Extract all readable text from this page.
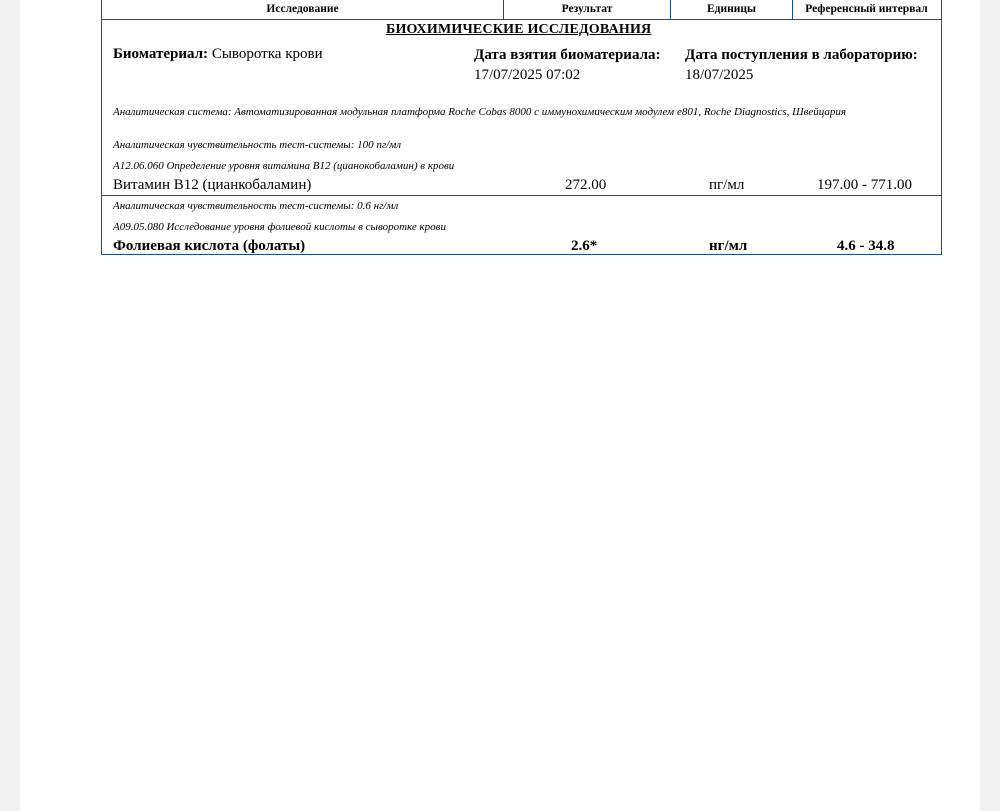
Исследование	Результат	Единицы	Референсный интервал
БИОХИМИЧЕСКИЕ ИССЛЕДОВАНИЯ
Биоматериал: Сыворотка крови	Дата взятия биоматериала:
17/07/2025 07:02
Дата поступления в лабораторию:
18/07/2025
Аналитическая система: Автоматизированная модульная платформа Roche Cobas 8000 с иммунохимическим модулем e801, Roche Diagnostics, Швейцария
Аналитическая чувствительность тест-системы: 100 пг/мл
A12.06.060 Определение уровня витамина B12 (цианокобаламин) в крови
Витамин B12 (цианкобаламин)	272.00	пг/мл	197.00 - 771.00
Аналитическая чувствительность тест-системы: 0.6 нг/мл
A09.05.080 Исследование уровня фолиевой кислоты в сыворотке крови
Фолиевая кислота (фолаты)	2.6*	нг/мл	4.6 - 34.8
